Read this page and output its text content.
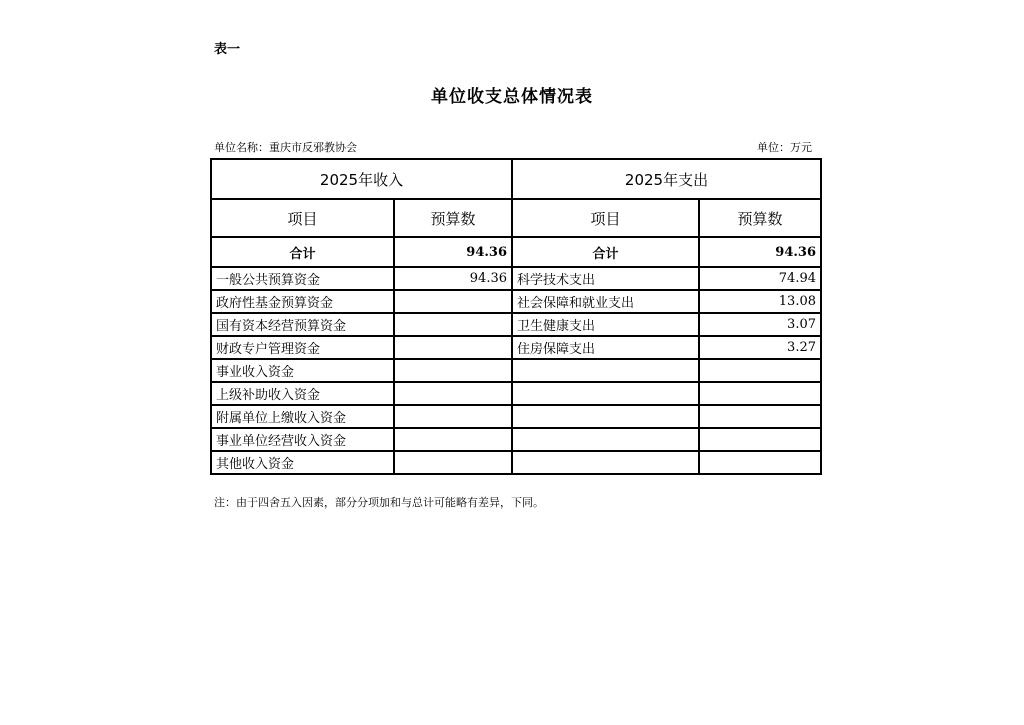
表一
单位收支总体情况表
单位名称：重庆市反邪教协会	单位：万元
2025年收入		2025年支出	
项目	预算数	项目	预算数
合计	94.36	合计	94.36
一般公共预算资金	94.36	科学技术支出	74.94
政府性基金预算资金		社会保障和就业支出	13.08
国有资本经营预算资金		卫生健康支出	3.07
财政专户管理资金		住房保障支出	3.27
事业收入资金			
上级补助收入资金			
附属单位上缴收入资金			
事业单位经营收入资金			
其他收入资金			
注：由于四舍五入因素，部分分项加和与总计可能略有差异，下同。
